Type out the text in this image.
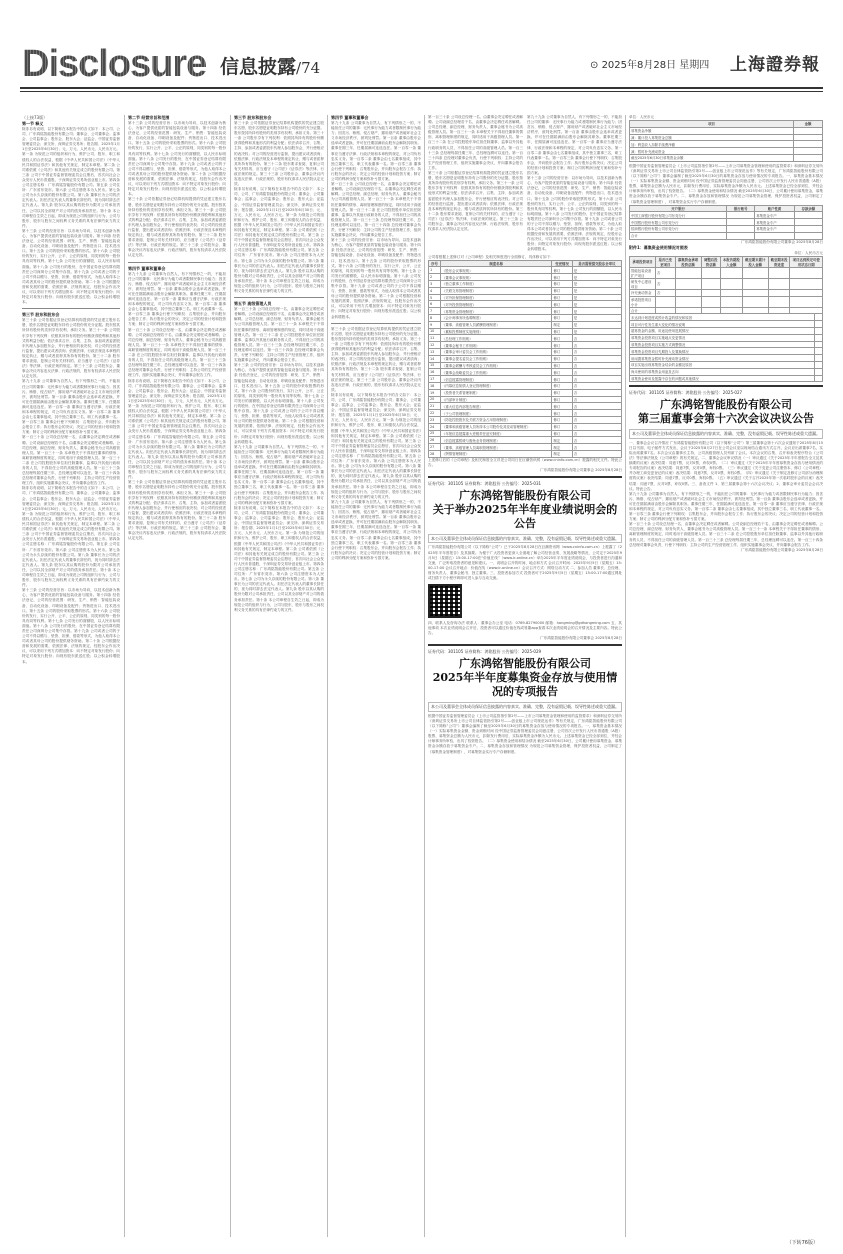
Disclosure 信息披露/74	⊙ 2025年8月28日 星期四 上海證券報
（上接73版）
第一节 释义
除非另有说明，以下简称在本报告中的含义如下：本公司、公司、广东鸿铭智能股份有限公司；董事会、公司董事会；监事会、公司监事会；股东会、股东大会；证监会、中国证券监督管理委员会；深交所、深圳证券交易所；报告期、2025年1月1日至2025年6月30日；元、万元、人民币元、人民币万元。第一条 为规范公司的组织和行为，维护公司、股东、职工和债权人的合法权益，根据《中华人民共和国公司法》《中华人民共和国证券法》和其他有关规定，制定本章程。第二条 公司系依照《公司法》和其他有关规定成立的股份有限公司。第三条 公司于中国证券监督管理委员会注册后，首次向社会公众发行人民币普通股，于深圳证券交易所创业板上市。第四条 公司注册名称：广东鸿铭智能股份有限公司。第五条 公司住所：广东省东莞市。第六条 公司注册资本为人民币。第七条 公司为永久存续的股份有限公司。第八条 董事长为公司的法定代表人。担任法定代表人的董事长辞任的，视为同时辞去法定代表人。第九条 股东以其认购的股份为限对公司承担责任，公司以其全部财产对公司的债务承担责任。第十条 本公司章程自生效之日起，即成为规范公司的组织与行为、公司与股东、股东与股东之间权利义务关系的具有法律约束力的文件。
第十三条 公司的经营宗旨：以市场为导向，以技术创新为核心，为客户提供优质的智能包装设备与服务。第十四条 经依法登记，公司的经营范围：研发、生产、销售：智能包装设备、自动化设备、印刷设备及配件；货物进出口、技术进出口。第十五条 公司的股份采取股票的形式。第十六条 公司股份的发行，实行公开、公平、公正的原则，同类别的每一股份具有同等权利。第十七条 公司发行的面额股，以人民币标明面值。第十八条 公司发行的股份，在中国证券登记结算有限责任公司深圳分公司集中存管。第十九条 公司或者公司的子公司不得以赠与、垫资、担保、借款等形式，为他人取得本公司或者其母公司的股份提供财务资助。第二十条 公司根据经营和发展的需要，依照法律、法规的规定，经股东会作出决议，可以采用下列方式增加资本：向不特定对象发行股份；向特定对象发行股份；向现有股东派送红股；以公积金转增股本。
第三节 股东和股东会
第三十条 公司依据证券登记结算机构提供的凭证建立股东名册，股东名册是证明股东持有公司股份的充分证据。股东按其所持有股份的类别享有权利，承担义务。第三十一条 公司股东享有下列权利：依照其所持有的股份份额获得股利和其他形式的利益分配；依法请求召开、召集、主持、参加或者委派股东代理人参加股东会，并行使相应的表决权；对公司的经营进行监督，提出建议或者质询；依照法律、行政法规及本章程的规定转让、赠与或者质押其所持有的股份。第三十二条 股东要求查阅、复制公司有关材料的，应当遵守《公司法》《证券法》等法律、行政法规的规定。第三十三条 公司股东会、董事会决议内容违反法律、行政法规的，股东有权请求人民法院认定无效。
第九十九条 公司董事为自然人，有下列情形之一的，不能担任公司的董事：无民事行为能力或者限制民事行为能力；因贪污、贿赂、侵占财产、挪用财产或者破坏社会主义市场经济秩序，被判处刑罚。第一百条 董事由股东会选举或者更换，并可在任期届满前由股东会解除其职务。董事任期三年，任期届满可连选连任。第一百零一条 董事应当遵守法律、行政法规和本章程的规定，对公司负有忠实义务。第一百零二条 董事会由七名董事组成，其中独立董事三名，职工代表董事一名。第一百零三条 董事会行使下列职权：召集股东会，并向股东会报告工作；执行股东会的决议；决定公司的经营计划和投资方案；制订公司的利润分配方案和弥补亏损方案。
第一百三十条 公司设总经理一名，由董事会决定聘任或者解聘。公司设副总经理若干名，由董事会决定聘任或者解聘。公司总经理、副总经理、财务负责人、董事会秘书为公司高级管理人员。第一百三十一条 本章程关于不得担任董事的情形、离职管理制度的规定，同时适用于高级管理人员。第一百三十二条 在公司控股股东单位担任除董事、监事以外其他行政职务的人员，不得担任公司的高级管理人员。第一百三十三条 总经理每届任期三年，总经理连聘可以连任。第一百三十四条 总经理对董事会负责，行使下列职权：主持公司的生产经营管理工作，组织实施董事会决议，并向董事会报告工作。
除非另有说明，以下简称在本报告中的含义如下：本公司、公司、广东鸿铭智能股份有限公司；董事会、公司董事会；监事会、公司监事会；股东会、股东大会；证监会、中国证券监督管理委员会；深交所、深圳证券交易所；报告期、2025年1月1日至2025年6月30日；元、万元、人民币元、人民币万元。第一条 为规范公司的组织和行为，维护公司、股东、职工和债权人的合法权益，根据《中华人民共和国公司法》《中华人民共和国证券法》和其他有关规定，制定本章程。第二条 公司系依照《公司法》和其他有关规定成立的股份有限公司。第三条 公司于中国证券监督管理委员会注册后，首次向社会公众发行人民币普通股，于深圳证券交易所创业板上市。第四条 公司注册名称：广东鸿铭智能股份有限公司。第五条 公司住所：广东省东莞市。第六条 公司注册资本为人民币。第七条 公司为永久存续的股份有限公司。第八条 董事长为公司的法定代表人。担任法定代表人的董事长辞任的，视为同时辞去法定代表人。第九条 股东以其认购的股份为限对公司承担责任，公司以其全部财产对公司的债务承担责任。第十条 本公司章程自生效之日起，即成为规范公司的组织与行为、公司与股东、股东与股东之间权利义务关系的具有法律约束力的文件。
第十三条 公司的经营宗旨：以市场为导向，以技术创新为核心，为客户提供优质的智能包装设备与服务。第十四条 经依法登记，公司的经营范围：研发、生产、销售：智能包装设备、自动化设备、印刷设备及配件；货物进出口、技术进出口。第十五条 公司的股份采取股票的形式。第十六条 公司股份的发行，实行公开、公平、公正的原则，同类别的每一股份具有同等权利。第十七条 公司发行的面额股，以人民币标明面值。第十八条 公司发行的股份，在中国证券登记结算有限责任公司深圳分公司集中存管。第十九条 公司或者公司的子公司不得以赠与、垫资、担保、借款等形式，为他人取得本公司或者其母公司的股份提供财务资助。第二十条 公司根据经营和发展的需要，依照法律、法规的规定，经股东会作出决议，可以采用下列方式增加资本：向不特定对象发行股份；向特定对象发行股份；向现有股东派送红股；以公积金转增股本。
第二节 经营宗旨和范围
第十三条 公司的经营宗旨：以市场为导向，以技术创新为核心，为客户提供优质的智能包装设备与服务。第十四条 经依法登记，公司的经营范围：研发、生产、销售：智能包装设备、自动化设备、印刷设备及配件；货物进出口、技术进出口。第十五条 公司的股份采取股票的形式。第十六条 公司股份的发行，实行公开、公平、公正的原则，同类别的每一股份具有同等权利。第十七条 公司发行的面额股，以人民币标明面值。第十八条 公司发行的股份，在中国证券登记结算有限责任公司深圳分公司集中存管。第十九条 公司或者公司的子公司不得以赠与、垫资、担保、借款等形式，为他人取得本公司或者其母公司的股份提供财务资助。第二十条 公司根据经营和发展的需要，依照法律、法规的规定，经股东会作出决议，可以采用下列方式增加资本：向不特定对象发行股份；向特定对象发行股份；向现有股东派送红股；以公积金转增股本。
第三十条 公司依据证券登记结算机构提供的凭证建立股东名册，股东名册是证明股东持有公司股份的充分证据。股东按其所持有股份的类别享有权利，承担义务。第三十一条 公司股东享有下列权利：依照其所持有的股份份额获得股利和其他形式的利益分配；依法请求召开、召集、主持、参加或者委派股东代理人参加股东会，并行使相应的表决权；对公司的经营进行监督，提出建议或者质询；依照法律、行政法规及本章程的规定转让、赠与或者质押其所持有的股份。第三十二条 股东要求查阅、复制公司有关材料的，应当遵守《公司法》《证券法》等法律、行政法规的规定。第三十三条 公司股东会、董事会决议内容违反法律、行政法规的，股东有权请求人民法院认定无效。
第四节 董事和董事会
第九十九条 公司董事为自然人，有下列情形之一的，不能担任公司的董事：无民事行为能力或者限制民事行为能力；因贪污、贿赂、侵占财产、挪用财产或者破坏社会主义市场经济秩序，被判处刑罚。第一百条 董事由股东会选举或者更换，并可在任期届满前由股东会解除其职务。董事任期三年，任期届满可连选连任。第一百零一条 董事应当遵守法律、行政法规和本章程的规定，对公司负有忠实义务。第一百零二条 董事会由七名董事组成，其中独立董事三名，职工代表董事一名。第一百零三条 董事会行使下列职权：召集股东会，并向股东会报告工作；执行股东会的决议；决定公司的经营计划和投资方案；制订公司的利润分配方案和弥补亏损方案。
第一百三十条 公司设总经理一名，由董事会决定聘任或者解聘。公司设副总经理若干名，由董事会决定聘任或者解聘。公司总经理、副总经理、财务负责人、董事会秘书为公司高级管理人员。第一百三十一条 本章程关于不得担任董事的情形、离职管理制度的规定，同时适用于高级管理人员。第一百三十二条 在公司控股股东单位担任除董事、监事以外其他行政职务的人员，不得担任公司的高级管理人员。第一百三十三条 总经理每届任期三年，总经理连聘可以连任。第一百三十四条 总经理对董事会负责，行使下列职权：主持公司的生产经营管理工作，组织实施董事会决议，并向董事会报告工作。
除非另有说明，以下简称在本报告中的含义如下：本公司、公司、广东鸿铭智能股份有限公司；董事会、公司董事会；监事会、公司监事会；股东会、股东大会；证监会、中国证券监督管理委员会；深交所、深圳证券交易所；报告期、2025年1月1日至2025年6月30日；元、万元、人民币元、人民币万元。第一条 为规范公司的组织和行为，维护公司、股东、职工和债权人的合法权益，根据《中华人民共和国公司法》《中华人民共和国证券法》和其他有关规定，制定本章程。第二条 公司系依照《公司法》和其他有关规定成立的股份有限公司。第三条 公司于中国证券监督管理委员会注册后，首次向社会公众发行人民币普通股，于深圳证券交易所创业板上市。第四条 公司注册名称：广东鸿铭智能股份有限公司。第五条 公司住所：广东省东莞市。第六条 公司注册资本为人民币。第七条 公司为永久存续的股份有限公司。第八条 董事长为公司的法定代表人。担任法定代表人的董事长辞任的，视为同时辞去法定代表人。第九条 股东以其认购的股份为限对公司承担责任，公司以其全部财产对公司的债务承担责任。第十条 本公司章程自生效之日起，即成为规范公司的组织与行为、公司与股东、股东与股东之间权利义务关系的具有法律约束力的文件。
第三十条 公司依据证券登记结算机构提供的凭证建立股东名册，股东名册是证明股东持有公司股份的充分证据。股东按其所持有股份的类别享有权利，承担义务。第三十一条 公司股东享有下列权利：依照其所持有的股份份额获得股利和其他形式的利益分配；依法请求召开、召集、主持、参加或者委派股东代理人参加股东会，并行使相应的表决权；对公司的经营进行监督，提出建议或者质询；依照法律、行政法规及本章程的规定转让、赠与或者质押其所持有的股份。第三十二条 股东要求查阅、复制公司有关材料的，应当遵守《公司法》《证券法》等法律、行政法规的规定。第三十三条 公司股东会、董事会决议内容违反法律、行政法规的，股东有权请求人民法院认定无效。
第三节 股东和股东会
第三十条 公司依据证券登记结算机构提供的凭证建立股东名册，股东名册是证明股东持有公司股份的充分证据。股东按其所持有股份的类别享有权利，承担义务。第三十一条 公司股东享有下列权利：依照其所持有的股份份额获得股利和其他形式的利益分配；依法请求召开、召集、主持、参加或者委派股东代理人参加股东会，并行使相应的表决权；对公司的经营进行监督，提出建议或者质询；依照法律、行政法规及本章程的规定转让、赠与或者质押其所持有的股份。第三十二条 股东要求查阅、复制公司有关材料的，应当遵守《公司法》《证券法》等法律、行政法规的规定。第三十三条 公司股东会、董事会决议内容违反法律、行政法规的，股东有权请求人民法院认定无效。
除非另有说明，以下简称在本报告中的含义如下：本公司、公司、广东鸿铭智能股份有限公司；董事会、公司董事会；监事会、公司监事会；股东会、股东大会；证监会、中国证券监督管理委员会；深交所、深圳证券交易所；报告期、2025年1月1日至2025年6月30日；元、万元、人民币元、人民币万元。第一条 为规范公司的组织和行为，维护公司、股东、职工和债权人的合法权益，根据《中华人民共和国公司法》《中华人民共和国证券法》和其他有关规定，制定本章程。第二条 公司系依照《公司法》和其他有关规定成立的股份有限公司。第三条 公司于中国证券监督管理委员会注册后，首次向社会公众发行人民币普通股，于深圳证券交易所创业板上市。第四条 公司注册名称：广东鸿铭智能股份有限公司。第五条 公司住所：广东省东莞市。第六条 公司注册资本为人民币。第七条 公司为永久存续的股份有限公司。第八条 董事长为公司的法定代表人。担任法定代表人的董事长辞任的，视为同时辞去法定代表人。第九条 股东以其认购的股份为限对公司承担责任，公司以其全部财产对公司的债务承担责任。第十条 本公司章程自生效之日起，即成为规范公司的组织与行为、公司与股东、股东与股东之间权利义务关系的具有法律约束力的文件。
第五节 高级管理人员
第一百三十条 公司设总经理一名，由董事会决定聘任或者解聘。公司设副总经理若干名，由董事会决定聘任或者解聘。公司总经理、副总经理、财务负责人、董事会秘书为公司高级管理人员。第一百三十一条 本章程关于不得担任董事的情形、离职管理制度的规定，同时适用于高级管理人员。第一百三十二条 在公司控股股东单位担任除董事、监事以外其他行政职务的人员，不得担任公司的高级管理人员。第一百三十三条 总经理每届任期三年，总经理连聘可以连任。第一百三十四条 总经理对董事会负责，行使下列职权：主持公司的生产经营管理工作，组织实施董事会决议，并向董事会报告工作。
第十三条 公司的经营宗旨：以市场为导向，以技术创新为核心，为客户提供优质的智能包装设备与服务。第十四条 经依法登记，公司的经营范围：研发、生产、销售：智能包装设备、自动化设备、印刷设备及配件；货物进出口、技术进出口。第十五条 公司的股份采取股票的形式。第十六条 公司股份的发行，实行公开、公平、公正的原则，同类别的每一股份具有同等权利。第十七条 公司发行的面额股，以人民币标明面值。第十八条 公司发行的股份，在中国证券登记结算有限责任公司深圳分公司集中存管。第十九条 公司或者公司的子公司不得以赠与、垫资、担保、借款等形式，为他人取得本公司或者其母公司的股份提供财务资助。第二十条 公司根据经营和发展的需要，依照法律、法规的规定，经股东会作出决议，可以采用下列方式增加资本：向不特定对象发行股份；向特定对象发行股份；向现有股东派送红股；以公积金转增股本。
第九十九条 公司董事为自然人，有下列情形之一的，不能担任公司的董事：无民事行为能力或者限制民事行为能力；因贪污、贿赂、侵占财产、挪用财产或者破坏社会主义市场经济秩序，被判处刑罚。第一百条 董事由股东会选举或者更换，并可在任期届满前由股东会解除其职务。董事任期三年，任期届满可连选连任。第一百零一条 董事应当遵守法律、行政法规和本章程的规定，对公司负有忠实义务。第一百零二条 董事会由七名董事组成，其中独立董事三名，职工代表董事一名。第一百零三条 董事会行使下列职权：召集股东会，并向股东会报告工作；执行股东会的决议；决定公司的经营计划和投资方案；制订公司的利润分配方案和弥补亏损方案。
除非另有说明，以下简称在本报告中的含义如下：本公司、公司、广东鸿铭智能股份有限公司；董事会、公司董事会；监事会、公司监事会；股东会、股东大会；证监会、中国证券监督管理委员会；深交所、深圳证券交易所；报告期、2025年1月1日至2025年6月30日；元、万元、人民币元、人民币万元。第一条 为规范公司的组织和行为，维护公司、股东、职工和债权人的合法权益，根据《中华人民共和国公司法》《中华人民共和国证券法》和其他有关规定，制定本章程。第二条 公司系依照《公司法》和其他有关规定成立的股份有限公司。第三条 公司于中国证券监督管理委员会注册后，首次向社会公众发行人民币普通股，于深圳证券交易所创业板上市。第四条 公司注册名称：广东鸿铭智能股份有限公司。第五条 公司住所：广东省东莞市。第六条 公司注册资本为人民币。第七条 公司为永久存续的股份有限公司。第八条 董事长为公司的法定代表人。担任法定代表人的董事长辞任的，视为同时辞去法定代表人。第九条 股东以其认购的股份为限对公司承担责任，公司以其全部财产对公司的债务承担责任。第十条 本公司章程自生效之日起，即成为规范公司的组织与行为、公司与股东、股东与股东之间权利义务关系的具有法律约束力的文件。
第四节 董事和董事会
第九十九条 公司董事为自然人，有下列情形之一的，不能担任公司的董事：无民事行为能力或者限制民事行为能力；因贪污、贿赂、侵占财产、挪用财产或者破坏社会主义市场经济秩序，被判处刑罚。第一百条 董事由股东会选举或者更换，并可在任期届满前由股东会解除其职务。董事任期三年，任期届满可连选连任。第一百零一条 董事应当遵守法律、行政法规和本章程的规定，对公司负有忠实义务。第一百零二条 董事会由七名董事组成，其中独立董事三名，职工代表董事一名。第一百零三条 董事会行使下列职权：召集股东会，并向股东会报告工作；执行股东会的决议；决定公司的经营计划和投资方案；制订公司的利润分配方案和弥补亏损方案。
第一百三十条 公司设总经理一名，由董事会决定聘任或者解聘。公司设副总经理若干名，由董事会决定聘任或者解聘。公司总经理、副总经理、财务负责人、董事会秘书为公司高级管理人员。第一百三十一条 本章程关于不得担任董事的情形、离职管理制度的规定，同时适用于高级管理人员。第一百三十二条 在公司控股股东单位担任除董事、监事以外其他行政职务的人员，不得担任公司的高级管理人员。第一百三十三条 总经理每届任期三年，总经理连聘可以连任。第一百三十四条 总经理对董事会负责，行使下列职权：主持公司的生产经营管理工作，组织实施董事会决议，并向董事会报告工作。
第十三条 公司的经营宗旨：以市场为导向，以技术创新为核心，为客户提供优质的智能包装设备与服务。第十四条 经依法登记，公司的经营范围：研发、生产、销售：智能包装设备、自动化设备、印刷设备及配件；货物进出口、技术进出口。第十五条 公司的股份采取股票的形式。第十六条 公司股份的发行，实行公开、公平、公正的原则，同类别的每一股份具有同等权利。第十七条 公司发行的面额股，以人民币标明面值。第十八条 公司发行的股份，在中国证券登记结算有限责任公司深圳分公司集中存管。第十九条 公司或者公司的子公司不得以赠与、垫资、担保、借款等形式，为他人取得本公司或者其母公司的股份提供财务资助。第二十条 公司根据经营和发展的需要，依照法律、法规的规定，经股东会作出决议，可以采用下列方式增加资本：向不特定对象发行股份；向特定对象发行股份；向现有股东派送红股；以公积金转增股本。
第三十条 公司依据证券登记结算机构提供的凭证建立股东名册，股东名册是证明股东持有公司股份的充分证据。股东按其所持有股份的类别享有权利，承担义务。第三十一条 公司股东享有下列权利：依照其所持有的股份份额获得股利和其他形式的利益分配；依法请求召开、召集、主持、参加或者委派股东代理人参加股东会，并行使相应的表决权；对公司的经营进行监督，提出建议或者质询；依照法律、行政法规及本章程的规定转让、赠与或者质押其所持有的股份。第三十二条 股东要求查阅、复制公司有关材料的，应当遵守《公司法》《证券法》等法律、行政法规的规定。第三十三条 公司股东会、董事会决议内容违反法律、行政法规的，股东有权请求人民法院认定无效。
除非另有说明，以下简称在本报告中的含义如下：本公司、公司、广东鸿铭智能股份有限公司；董事会、公司董事会；监事会、公司监事会；股东会、股东大会；证监会、中国证券监督管理委员会；深交所、深圳证券交易所；报告期、2025年1月1日至2025年6月30日；元、万元、人民币元、人民币万元。第一条 为规范公司的组织和行为，维护公司、股东、职工和债权人的合法权益，根据《中华人民共和国公司法》《中华人民共和国证券法》和其他有关规定，制定本章程。第二条 公司系依照《公司法》和其他有关规定成立的股份有限公司。第三条 公司于中国证券监督管理委员会注册后，首次向社会公众发行人民币普通股，于深圳证券交易所创业板上市。第四条 公司注册名称：广东鸿铭智能股份有限公司。第五条 公司住所：广东省东莞市。第六条 公司注册资本为人民币。第七条 公司为永久存续的股份有限公司。第八条 董事长为公司的法定代表人。担任法定代表人的董事长辞任的，视为同时辞去法定代表人。第九条 股东以其认购的股份为限对公司承担责任，公司以其全部财产对公司的债务承担责任。第十条 本公司章程自生效之日起，即成为规范公司的组织与行为、公司与股东、股东与股东之间权利义务关系的具有法律约束力的文件。
第九十九条 公司董事为自然人，有下列情形之一的，不能担任公司的董事：无民事行为能力或者限制民事行为能力；因贪污、贿赂、侵占财产、挪用财产或者破坏社会主义市场经济秩序，被判处刑罚。第一百条 董事由股东会选举或者更换，并可在任期届满前由股东会解除其职务。董事任期三年，任期届满可连选连任。第一百零一条 董事应当遵守法律、行政法规和本章程的规定，对公司负有忠实义务。第一百零二条 董事会由七名董事组成，其中独立董事三名，职工代表董事一名。第一百零三条 董事会行使下列职权：召集股东会，并向股东会报告工作；执行股东会的决议；决定公司的经营计划和投资方案；制订公司的利润分配方案和弥补亏损方案。
第一百三十条 公司设总经理一名，由董事会决定聘任或者解聘。公司设副总经理若干名，由董事会决定聘任或者解聘。公司总经理、副总经理、财务负责人、董事会秘书为公司高级管理人员。第一百三十一条 本章程关于不得担任董事的情形、离职管理制度的规定，同时适用于高级管理人员。第一百三十二条 在公司控股股东单位担任除董事、监事以外其他行政职务的人员，不得担任公司的高级管理人员。第一百三十三条 总经理每届任期三年，总经理连聘可以连任。第一百三十四条 总经理对董事会负责，行使下列职权：主持公司的生产经营管理工作，组织实施董事会决议，并向董事会报告工作。
第三十条 公司依据证券登记结算机构提供的凭证建立股东名册，股东名册是证明股东持有公司股份的充分证据。股东按其所持有股份的类别享有权利，承担义务。第三十一条 公司股东享有下列权利：依照其所持有的股份份额获得股利和其他形式的利益分配；依法请求召开、召集、主持、参加或者委派股东代理人参加股东会，并行使相应的表决权；对公司的经营进行监督，提出建议或者质询；依照法律、行政法规及本章程的规定转让、赠与或者质押其所持有的股份。第三十二条 股东要求查阅、复制公司有关材料的，应当遵守《公司法》《证券法》等法律、行政法规的规定。第三十三条 公司股东会、董事会决议内容违反法律、行政法规的，股东有权请求人民法院认定无效。
第九十九条 公司董事为自然人，有下列情形之一的，不能担任公司的董事：无民事行为能力或者限制民事行为能力；因贪污、贿赂、侵占财产、挪用财产或者破坏社会主义市场经济秩序，被判处刑罚。第一百条 董事由股东会选举或者更换，并可在任期届满前由股东会解除其职务。董事任期三年，任期届满可连选连任。第一百零一条 董事应当遵守法律、行政法规和本章程的规定，对公司负有忠实义务。第一百零二条 董事会由七名董事组成，其中独立董事三名，职工代表董事一名。第一百零三条 董事会行使下列职权：召集股东会，并向股东会报告工作；执行股东会的决议；决定公司的经营计划和投资方案；制订公司的利润分配方案和弥补亏损方案。
第十三条 公司的经营宗旨：以市场为导向，以技术创新为核心，为客户提供优质的智能包装设备与服务。第十四条 经依法登记，公司的经营范围：研发、生产、销售：智能包装设备、自动化设备、印刷设备及配件；货物进出口、技术进出口。第十五条 公司的股份采取股票的形式。第十六条 公司股份的发行，实行公开、公平、公正的原则，同类别的每一股份具有同等权利。第十七条 公司发行的面额股，以人民币标明面值。第十八条 公司发行的股份，在中国证券登记结算有限责任公司深圳分公司集中存管。第十九条 公司或者公司的子公司不得以赠与、垫资、担保、借款等形式，为他人取得本公司或者其母公司的股份提供财务资助。第二十条 公司根据经营和发展的需要，依照法律、法规的规定，经股东会作出决议，可以采用下列方式增加资本：向不特定对象发行股份；向特定对象发行股份；向现有股东派送红股；以公积金转增股本。
公司将根据上述修订对《公司章程》及相关制度进行全面修订，具体修订如下：
序号	制度名称	变更情况	是否需要提交股东会审议
1	《股东会议事规则》	修订	是
2	《董事会议事规则》	修订	是
3	《独立董事工作制度》	修订	是
4	《关联交易管理制度》	修订	是
5	《对外担保管理制度》	修订	是
6	《对外投资管理制度》	修订	是
7	《募集资金管理制度》	修订	是
8	《会计师事务所选聘制度》	修订	是
9	《董事、高级管理人员薪酬管理制度》	制定	是
10	《累积投票制度实施细则》	修订	是
11	《总经理工作细则》	修订	否
12	《董事会秘书工作细则》	修订	否
13	《董事会审计委员会工作细则》	修订	否
14	《董事会提名委员会工作细则》	修订	否
15	《董事会薪酬与考核委员会工作细则》	修订	否
16	《董事会战略委员会工作细则》	修订	否
17	《信息披露管理制度》	修订	否
18	《内幕信息知情人登记管理制度》	修订	否
19	《投资者关系管理制度》	修订	否
20	《内部审计制度》	修订	否
21	《重大信息内部报告制度》	修订	否
22	《子公司管理制度》	修订	否
23	《防范控股股东及关联方资金占用管理制度》	修订	否
24	《董事和高级管理人员所持本公司股份及其变动管理制度》	修订	否
25	《年报信息披露重大差错责任追究制度》	修订	否
26	《信息披露暂缓与豁免业务管理制度》	制定	否
27	《董事、高级管理人员离职管理制度》	制定	否
28	《舆情管理制度》	制定	否
上述修订后的《公司章程》及相关制度全文详见公司同日在巨潮资讯网（www.cninfo.com.cn）披露的相关文件。特此公告。
广东鸿铭智能股份有限公司董事会 2025年8月28日
证券代码：301105 证券简称：鸿铭股份 公告编号：2025-031
广东鸿铭智能股份有限公司
关于举办2025年半年度业绩说明会的公告
本公司及董事会全体成员保证信息披露的内容真实、准确、完整，没有虚假记载、误导性陈述或重大遗漏。
广东鸿铭智能股份有限公司（以下简称“公司”）已于2025年8月28日在巨潮资讯网（www.cninfo.com.cn）上披露了《2025年半年度报告》及其摘要。为便于广大投资者更深入全面地了解公司经营业绩、发展战略等情况，公司定于2025年9月5日（星期五）15:00-17:00在“价值在线”（www.ir-online.cn）举办2025年半年度业绩说明会，与投资者进行沟通和交流，广泛听取投资者的意见和建议。一、说明会召开的时间、地点和方式 会议召开时间：2025年9月5日（星期五）15:00-17:00 会议召开地点：价值在线（www.ir-online.cn）会议召开方式：网络互动方式 二、参加人员 董事长、总经理、财务负责人、董事会秘书、独立董事。三、投资者参加方式 投资者可于2025年9月5日（星期五）15:00-17:00通过网址或扫描下方小程序码即可进入参与互动交流。
四、联系人及咨询办法 联系人：董事会办公室 电话：0769-82790000 邮箱：hongming@gdhongming.com 五、其他事项 本次业绩说明会召开后，投资者可以通过价值在线或易董app查看本次业绩说明会的召开情况及主要内容。特此公告。
广东鸿铭智能股份有限公司董事会 2025年8月28日
证券代码：301105 证券简称：鸿铭股份 公告编号：2025-029
广东鸿铭智能股份有限公司
2025年半年度募集资金存放与使用情况的专项报告
本公司及董事会全体成员保证信息披露的内容真实、准确、完整，没有虚假记载、误导性陈述或重大遗漏。
根据中国证券监督管理委员会《上市公司监管指引第2号——上市公司募集资金管理和使用的监管要求》和深圳证券交易所《深圳证券交易所上市公司自律监管指引第2号——创业板上市公司规范运作》等有关规定，广东鸿铭智能股份有限公司（以下简称“公司”）董事会编制了截至2025年6月30日的募集资金存放与使用情况的专项报告。一、募集资金基本情况（一）实际募集资金金额、资金到账时间 经中国证券监督管理委员会同意注册，公司首次公开发行人民币普通股（A股）股票，募集资金总额为人民币元，扣除发行费用后，实际募集资金净额为人民币元。上述募集资金已经全部到位，并经会计师事务所审验，出具了验资报告。（二）募集资金使用和结余情况 截至2025年6月30日，公司累计使用募集资金，募集资金余额存放于募集资金专户。二、募集资金存放和管理情况 为规范公司募集资金管理，保护投资者权益，公司制定了《募集资金管理制度》，对募集资金实行专户存储制度。
单位：人民币元
项目	金额
募集资金净额	
减：累计投入募集资金总额	
加：利息收入扣除手续费净额	
减：暂时补充流动资金	
截至2025年6月30日募集资金余额	
根据中国证券监督管理委员会《上市公司监管指引第2号——上市公司募集资金管理和使用的监管要求》和深圳证券交易所《深圳证券交易所上市公司自律监管指引第2号——创业板上市公司规范运作》等有关规定，广东鸿铭智能股份有限公司（以下简称“公司”）董事会编制了截至2025年6月30日的募集资金存放与使用情况的专项报告。一、募集资金基本情况（一）实际募集资金金额、资金到账时间 经中国证券监督管理委员会同意注册，公司首次公开发行人民币普通股（A股）股票，募集资金总额为人民币元，扣除发行费用后，实际募集资金净额为人民币元。上述募集资金已经全部到位，并经会计师事务所审验，出具了验资报告。（二）募集资金使用和结余情况 截至2025年6月30日，公司累计使用募集资金，募集资金余额存放于募集资金专户。二、募集资金存放和管理情况 为规范公司募集资金管理，保护投资者权益，公司制定了《募集资金管理制度》，对募集资金实行专户存储制度。
开户银行	银行账号	账户性质	存款余额
中国工商银行股份有限公司东莞分行		募集资金专户	
中国银行股份有限公司东莞分行		募集资金专户	
招商银行股份有限公司东莞分行		募集资金专户	
合计			
广东鸿铭智能股份有限公司董事会 2025年8月28日
附件1：募集资金使用情况对照表
单位：人民币万元
承诺投资项目	是否已变更项目	募集资金承诺投资总额	调整后投资总额	本报告期投入金额	截至期末累计投入金额	截至期末投资进度	项目达到预定可使用状态日期
智能包装设备扩产项目	否						
研发中心建设项目	否						
补充流动资金	否						
承诺投资项目小计							
合计							
未达到计划进度或预计收益的情况和原因	
项目可行性发生重大变化的情况说明	
超募资金的金额、用途及使用进展情况	
募集资金投资项目实施地点变更情况	
募集资金投资项目实施方式调整情况	
募集资金投资项目先期投入及置换情况	
用闲置募集资金暂时补充流动资金情况	
项目实施出现募集资金结余的金额及原因	
尚未使用的募集资金用途及去向	
募集资金使用及披露中存在的问题或其他情况	
证券代码：301105 证券简称：鸿铭股份 公告编号：2025-027
广东鸿铭智能股份有限公司
第三届董事会第十六次会议决议公告
本公司及董事会全体成员保证信息披露的内容真实、准确、完整，没有虚假记载、误导性陈述或重大遗漏。
一、董事会会议召开情况 广东鸿铭智能股份有限公司（以下简称“公司”）第三届董事会第十六次会议通知于2025年8月15日以书面、电子邮件方式发出，会议于2025年8月27日在公司会议室以现场结合通讯方式召开。会议应出席董事7名，实际出席董事7名。本次会议由董事长主持，公司高级管理人员列席了会议。本次会议的召集、召开和表决程序符合《公司法》等法律法规及《公司章程》的有关规定。二、董事会会议审议情况（一）审议通过《关于2025年半年度报告全文及其摘要的议案》表决结果：同意7票，反对0票，弃权0票。（二）审议通过《关于2025年半年度募集资金存放与使用情况的专项报告的议案》表决结果：同意7票，反对0票，弃权0票。（三）审议通过《关于变更公司注册资本、修订〈公司章程〉并办理工商变更登记的议案》表决结果：同意7票，反对0票，弃权0票。（四）审议通过《关于制定及修订公司部分治理制度的议案》表决结果：同意7票，反对0票，弃权0票。（五）审议通过《关于召开2025年第一次临时股东会的议案》表决结果：同意7票，反对0票，弃权0票。三、备查文件 1、第三届董事会第十六次会议决议；2、董事会审计委员会会议决议。特此公告。
第九十九条 公司董事为自然人，有下列情形之一的，不能担任公司的董事：无民事行为能力或者限制民事行为能力；因贪污、贿赂、侵占财产、挪用财产或者破坏社会主义市场经济秩序，被判处刑罚。第一百条 董事由股东会选举或者更换，并可在任期届满前由股东会解除其职务。董事任期三年，任期届满可连选连任。第一百零一条 董事应当遵守法律、行政法规和本章程的规定，对公司负有忠实义务。第一百零二条 董事会由七名董事组成，其中独立董事三名，职工代表董事一名。第一百零三条 董事会行使下列职权：召集股东会，并向股东会报告工作；执行股东会的决议；决定公司的经营计划和投资方案；制订公司的利润分配方案和弥补亏损方案。
第一百三十条 公司设总经理一名，由董事会决定聘任或者解聘。公司设副总经理若干名，由董事会决定聘任或者解聘。公司总经理、副总经理、财务负责人、董事会秘书为公司高级管理人员。第一百三十一条 本章程关于不得担任董事的情形、离职管理制度的规定，同时适用于高级管理人员。第一百三十二条 在公司控股股东单位担任除董事、监事以外其他行政职务的人员，不得担任公司的高级管理人员。第一百三十三条 总经理每届任期三年，总经理连聘可以连任。第一百三十四条 总经理对董事会负责，行使下列职权：主持公司的生产经营管理工作，组织实施董事会决议，并向董事会报告工作。
广东鸿铭智能股份有限公司董事会 2025年8月28日
（下转76版）
